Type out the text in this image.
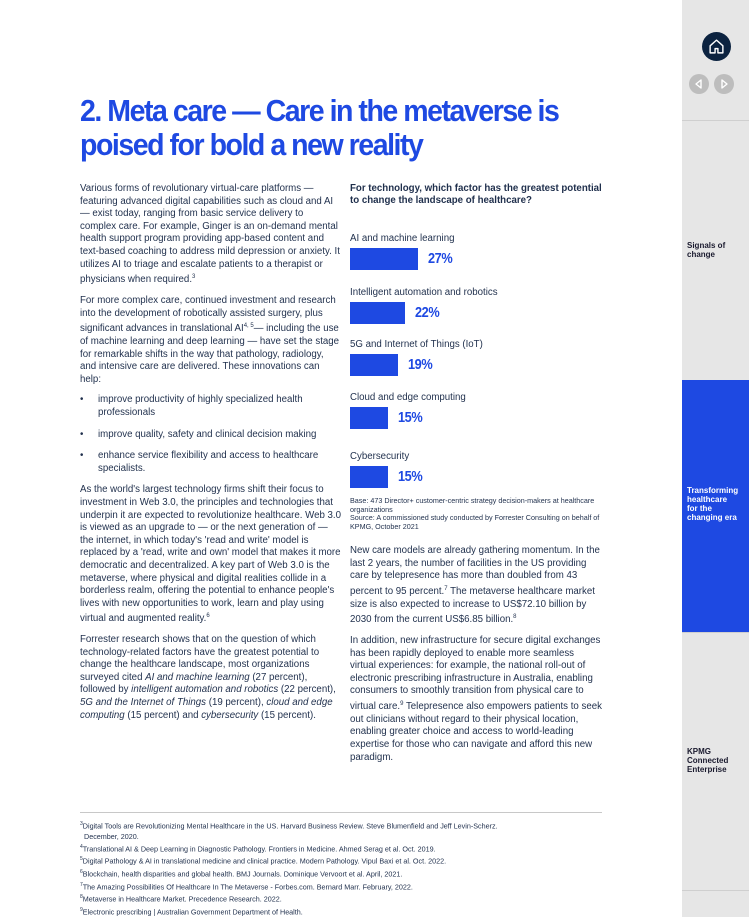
2. Meta care — Care in the metaverse is poised for bold a new reality

Various forms of revolutionary virtual-care platforms — featuring advanced digital capabilities such as cloud and AI — exist today, ranging from basic service delivery to complex care. For example, Ginger is an on-demand mental health support program providing app-based content and text-based coaching to address mild depression or anxiety. It utilizes AI to triage and escalate patients to a therapist or physicians when required.$^3$

For more complex care, continued investment and research into the development of robotically assisted surgery, plus significant advances in translational AI$^{4, 5}$— including the use of machine learning and deep learning — have set the stage for remarkable shifts in the way that pathology, radiology, and intensive care are delivered. These innovations can help:

• improve productivity of highly specialized health professionals
• improve quality, safety and clinical decision making
• enhance service flexibility and access to healthcare specialists.

As the world's largest technology firms shift their focus to investment in Web 3.0, the principles and technologies that underpin it are expected to revolutionize healthcare. Web 3.0 is viewed as an upgrade to — or the next generation of — the internet, in which today's 'read and write' model is replaced by a 'read, write and own' model that makes it more democratic and decentralized. A key part of Web 3.0 is the metaverse, where physical and digital realities collide in a borderless realm, offering the potential to enhance people's lives with new opportunities to work, learn and play using virtual and augmented reality.$^6$

Forrester research shows that on the question of which technology-related factors have the greatest potential to change the healthcare landscape, most organizations surveyed cited AI and machine learning (27 percent), followed by intelligent automation and robotics (22 percent), 5G and the Internet of Things (19 percent), cloud and edge computing (15 percent) and cybersecurity (15 percent).

For technology, which factor has the greatest potential to change the landscape of healthcare?
AI and machine learning
27%
Intelligent automation and robotics
22%
5G and Internet of Things (IoT)
19%
Cloud and edge computing
15%
Cybersecurity
15%
Base: 473 Director+ customer-centric strategy decision-makers at healthcare organizations
Source: A commissioned study conducted by Forrester Consulting on behalf of KPMG, October 2021

New care models are already gathering momentum. In the last 2 years, the number of facilities in the US providing care by telepresence has more than doubled from 43 percent to 95 percent.$^7$ The metaverse healthcare market size is also expected to increase to US$72.10 billion by 2030 from the current US$6.85 billion.$^8$

In addition, new infrastructure for secure digital exchanges has been rapidly deployed to enable more seamless virtual experiences: for example, the national roll-out of electronic prescribing infrastructure in Australia, enabling consumers to smoothly transition from physical care to virtual care.$^9$ Telepresence also empowers patients to seek out clinicians without regard to their physical location, enabling greater choice and access to world-leading expertise for those who can navigate and afford this new paradigm.

$^3$Digital Tools are Revolutionizing Mental Healthcare in the US. Harvard Business Review. Steve Blumenfield and Jeff Levin-Scherz.
December, 2020.
$^4$Translational AI & Deep Learning in Diagnostic Pathology. Frontiers in Medicine. Ahmed Serag et al. Oct. 2019.
$^5$Digital Pathology & AI in translational medicine and clinical practice. Modern Pathology. Vipul Baxi et al. Oct. 2022.
$^6$Blockchain, health disparities and global health. BMJ Journals. Dominique Vervoort et al. April, 2021.
$^7$The Amazing Possibilities Of Healthcare In The Metaverse - Forbes.com. Bernard Marr. February, 2022.
$^8$Metaverse in Healthcare Market. Precedence Research. 2022.
$^9$Electronic prescribing | Australian Government Department of Health.
Signals of
change
Transforming
healthcare
for the
changing era
KPMG
Connected
Enterprise
